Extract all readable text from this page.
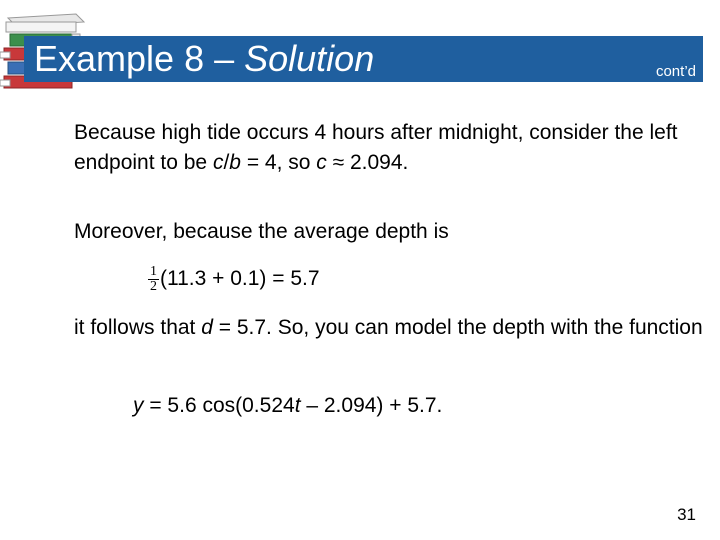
Example 8 – Solution	cont’d
Because high tide occurs 4 hours after midnight, consider the left endpoint to be c/b = 4, so c ≈ 2.094.
Moreover, because the average depth is
$\frac{1}{2} (11.3 + 0.1) = 5.7$
it follows that d = 5.7. So, you can model the depth with the function
y = 5.6 cos(0.524t – 2.094) + 5.7.
31
